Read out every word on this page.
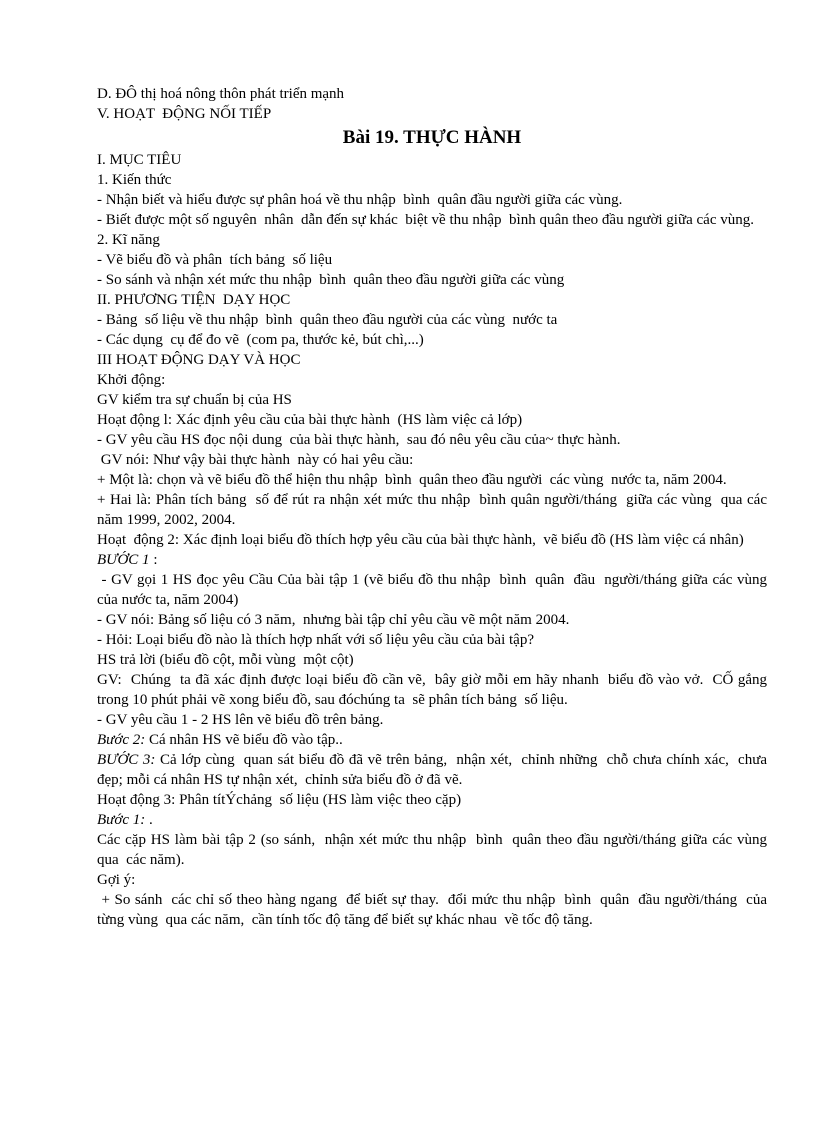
D. ĐÔ thị hoá nông thôn phát triển mạnh
V. HOẠT  ĐỘNG NỐI TIẾP
Bài 19. THỰC HÀNH
I. MỤC TIÊU
1. Kiến thức
- Nhận biết và hiểu được sự phân hoá về thu nhập  bình  quân đầu người giữa các vùng.
- Biết được một số nguyên  nhân  dẫn đến sự khác  biệt về thu nhập  bình quân theo đầu người giữa các vùng.
2. Kĩ năng
- Vẽ biểu đồ và phân  tích bảng  số liệu
- So sánh và nhận xét mức thu nhập  bình  quân theo đầu người giữa các vùng
II. PHƯƠNG TIỆN  DẠY HỌC
- Bảng  số liệu về thu nhập  bình  quân theo đầu người của các vùng  nước ta
- Các dụng  cụ để đo vẽ  (com pa, thước kẻ, bút chì,...)
III HOẠT ĐỘNG DẠY VÀ HỌC
Khởi động:
GV kiểm tra sự chuẩn bị của HS
Hoạt động l: Xác định yêu cầu của bài thực hành  (HS làm việc cả lớp)
- GV yêu cầu HS đọc nội dung  của bài thực hành,  sau đó nêu yêu cầu của~ thực hành.
GV nói: Như vậy bài thực hành  này có hai yêu cầu:
+ Một là: chọn và vẽ biểu đồ thể hiện thu nhập  bình  quân theo đầu người  các vùng  nước ta, năm 2004.
+ Hai là: Phân tích bảng  số để rút ra nhận xét mức thu nhập  bình quân người/tháng  giữa các vùng  qua các năm 1999, 2002, 2004.
Hoạt  động 2: Xác định loại biểu đồ thích hợp yêu cầu của bài thực hành,  vẽ biểu đồ (HS làm việc cá nhân)
BƯỚC 1 :
- GV gọi 1 HS đọc yêu Cầu Của bài tập 1 (vẽ biểu đồ thu nhập  bình  quân  đầu  người/tháng giữa các vùng  của nước ta, năm 2004)
- GV nói: Bảng số liệu có 3 năm,  nhưng bài tập chỉ yêu cầu vẽ một năm 2004.
- Hỏi: Loại biểu đồ nào là thích hợp nhất với số liệu yêu cầu của bài tập?
HS trả lời (biểu đồ cột, mỗi vùng  một cột)
GV:  Chúng  ta đã xác định được loại biểu đồ cần vẽ,  bây giờ mỗi em hãy nhanh  biểu đồ vào vở.  CỐ gắng trong 10 phút phải vẽ xong biểu đồ, sau đóchúng ta  sẽ phân tích bảng  số liệu.
- GV yêu cầu 1 - 2 HS lên vẽ biểu đồ trên bảng.
Bước 2: Cá nhân HS vẽ biểu đồ vào tập..
BƯỚC 3: Cả lớp cùng  quan sát biểu đồ đã vẽ trên bảng,  nhận xét,  chỉnh những  chỗ chưa chính xác,  chưa đẹp; mỗi cá nhân HS tự nhận xét,  chỉnh sửa biểu đồ ở đã vẽ.
Hoạt động 3: Phân títÝchảng  số liệu (HS làm việc theo cặp)
Bước 1: .
Các cặp HS làm bài tập 2 (so sánh,  nhận xét mức thu nhập  bình  quân theo đầu người/tháng giữa các vùng  qua  các năm).
Gợi ý:
+ So sánh  các chỉ số theo hàng ngang  để biết sự thay.  đổi mức thu nhập  bình  quân  đầu người/tháng  của từng vùng  qua các năm,  cần tính tốc độ tăng để biết sự khác nhau  về tốc độ tăng.
